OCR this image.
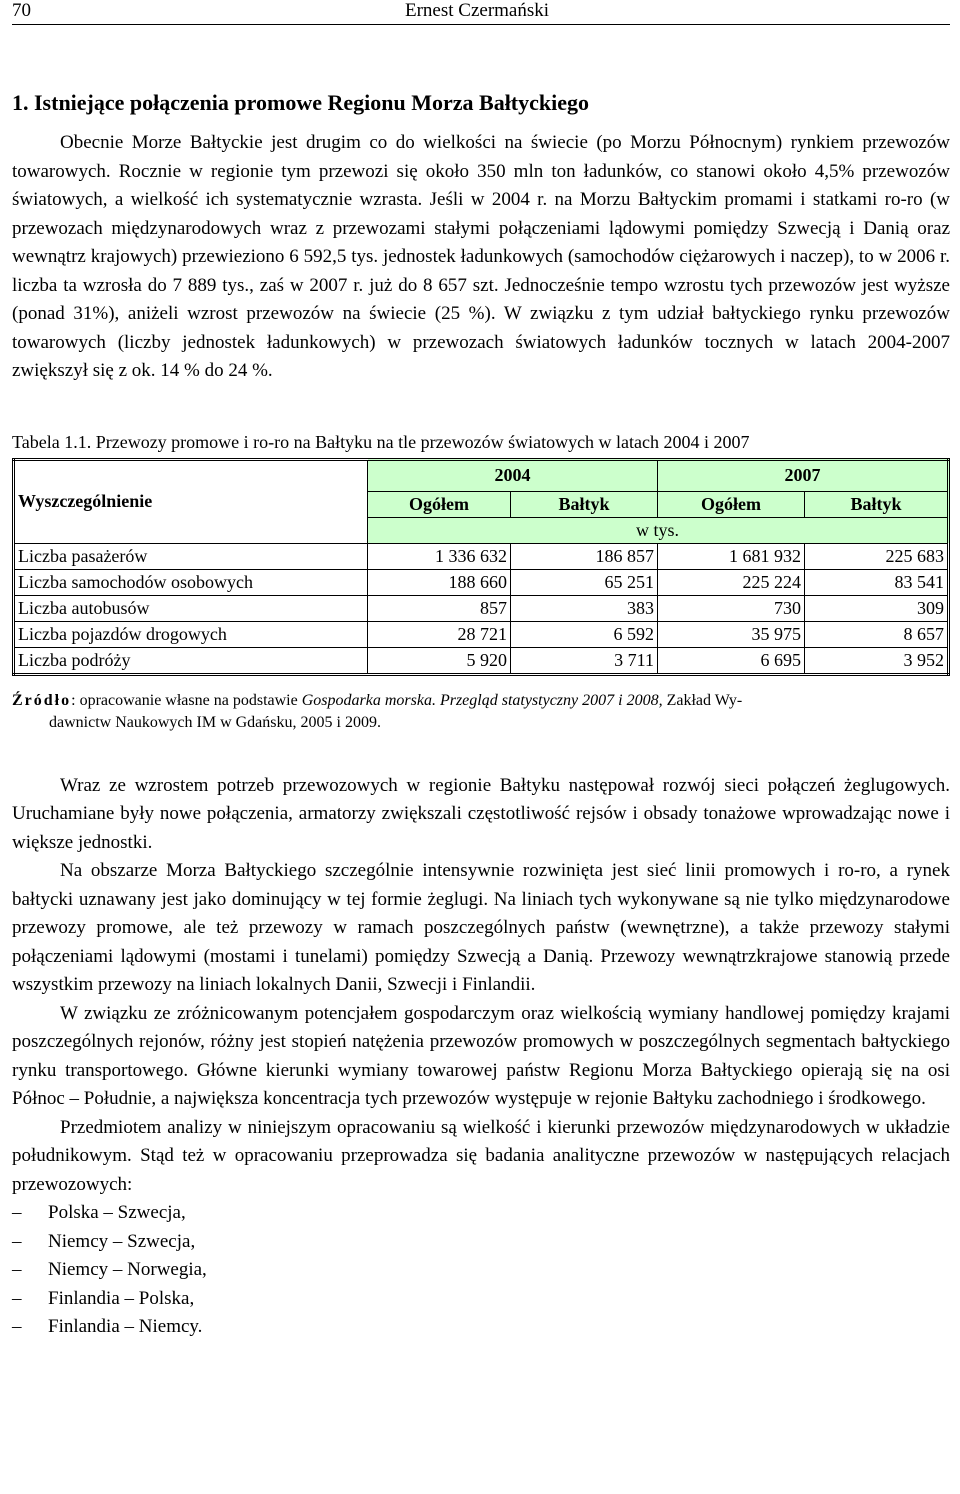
70	Ernest Czermański
1. Istniejące połączenia promowe Regionu Morza Bałtyckiego

Obecnie Morze Bałtyckie jest drugim co do wielkości na świecie (po Morzu Północnym) rynkiem przewozów towarowych. Rocznie w regionie tym przewozi się około 350 mln ton ładunków, co stanowi około 4,5% przewozów światowych, a wielkość ich systematycznie wzrasta. Jeśli w 2004 r. na Morzu Bałtyckim promami i statkami ro-ro (w przewozach międzynarodowych wraz z przewozami stałymi połączeniami lądowymi pomiędzy Szwecją i Danią oraz wewnątrz krajowych) przewieziono 6 592,5 tys. jednostek ładunkowych (samochodów ciężarowych i naczep), to w 2006 r. liczba ta wzrosła do 7 889 tys., zaś w 2007 r. już do 8 657 szt. Jednocześnie tempo wzrostu tych przewozów jest wyższe (ponad 31%), aniżeli wzrost przewozów na świecie (25 %). W związku z tym udział bałtyckiego rynku przewozów towarowych (liczby jednostek ładunkowych) w przewozach światowych ładunków tocznych w latach 2004-2007 zwiększył się z ok. 14 % do 24 %.

Tabela 1.1. Przewozy promowe i ro-ro na Bałtyku na tle przewozów światowych w latach 2004 i 2007
Wyszczególnienie	2004		2007	
	Ogółem	Bałtyk	Ogółem	Bałtyk
	w tys.			
Liczba pasażerów	1 336 632	186 857	1 681 932	225 683
Liczba samochodów osobowych	188 660	65 251	225 224	83 541
Liczba autobusów	857	383	730	309
Liczba pojazdów drogowych	28 721	6 592	35 975	8 657
Liczba podróży	5 920	3 711	6 695	3 952
Źródło: opracowanie własne na podstawie Gospodarka morska. Przegląd statystyczny 2007 i 2008, Zakład Wy-
dawnictw Naukowych IM w Gdańsku, 2005 i 2009.

Wraz ze wzrostem potrzeb przewozowych w regionie Bałtyku następował rozwój sieci połączeń żeglugowych. Uruchamiane były nowe połączenia, armatorzy zwiększali częstotliwość rejsów i obsady tonażowe wprowadzając nowe i większe jednostki.

Na obszarze Morza Bałtyckiego szczególnie intensywnie rozwinięta jest sieć linii promowych i ro-ro, a rynek bałtycki uznawany jest jako dominujący w tej formie żeglugi. Na liniach tych wykonywane są nie tylko międzynarodowe przewozy promowe, ale też przewozy w ramach poszczególnych państw (wewnętrzne), a także przewozy stałymi połączeniami lądowymi (mostami i tunelami) pomiędzy Szwecją a Danią. Przewozy wewnątrzkrajowe stanowią przede wszystkim przewozy na liniach lokalnych Danii, Szwecji i Finlandii.

W związku ze zróżnicowanym potencjałem gospodarczym oraz wielkością wymiany handlowej pomiędzy krajami poszczególnych rejonów, różny jest stopień natężenia przewozów promowych w poszczególnych segmentach bałtyckiego rynku transportowego. Główne kierunki wymiany towarowej państw Regionu Morza Bałtyckiego opierają się na osi Północ – Południe, a największa koncentracja tych przewozów występuje w rejonie Bałtyku zachodniego i środkowego.

Przedmiotem analizy w niniejszym opracowaniu są wielkość i kierunki przewozów międzynarodowych w układzie południkowym. Stąd też w opracowaniu przeprowadza się badania analityczne przewozów w następujących relacjach przewozowych:

– Polska – Szwecja,
– Niemcy – Szwecja,
– Niemcy – Norwegia,
– Finlandia – Polska,
– Finlandia – Niemcy.
